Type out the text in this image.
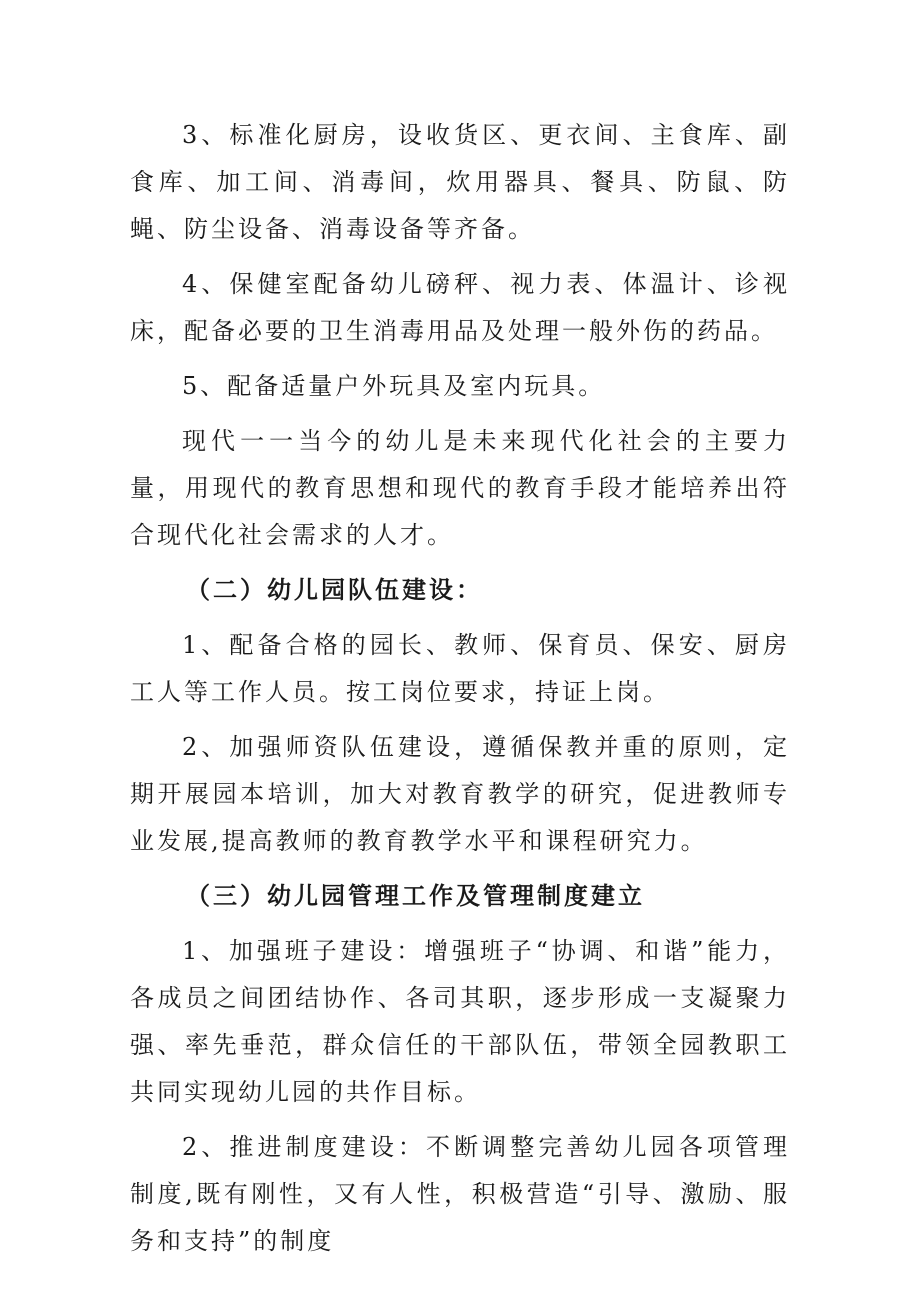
3、标准化厨房，设收货区、更衣间、主食库、副食库、加工间、消毒间，炊用器具、餐具、防鼠、防蝇、防尘设备、消毒设备等齐备。

4、保健室配备幼儿磅秤、视力表、体温计、诊视床，配备必要的卫生消毒用品及处理一般外伤的药品。

5、配备适量户外玩具及室内玩具。

现代一一当今的幼儿是未来现代化社会的主要力量，用现代的教育思想和现代的教育手段才能培养出符合现代化社会需求的人才。

（二）幼儿园队伍建设：

1、配备合格的园长、教师、保育员、保安、厨房工人等工作人员。按工岗位要求，持证上岗。

2、加强师资队伍建设，遵循保教并重的原则，定期开展园本培训，加大对教育教学的研究，促进教师专业发展,提高教师的教育教学水平和课程研究力。

（三）幼儿园管理工作及管理制度建立

1、加强班子建设：增强班子“协调、和谐”能力，各成员之间团结协作、各司其职，逐步形成一支凝聚力强、率先垂范，群众信任的干部队伍，带领全园教职工共同实现幼儿园的共作目标。

2、推进制度建设：不断调整完善幼儿园各项管理制度,既有刚性，又有人性，积极营造“引导、激励、服务和支持”的制度
